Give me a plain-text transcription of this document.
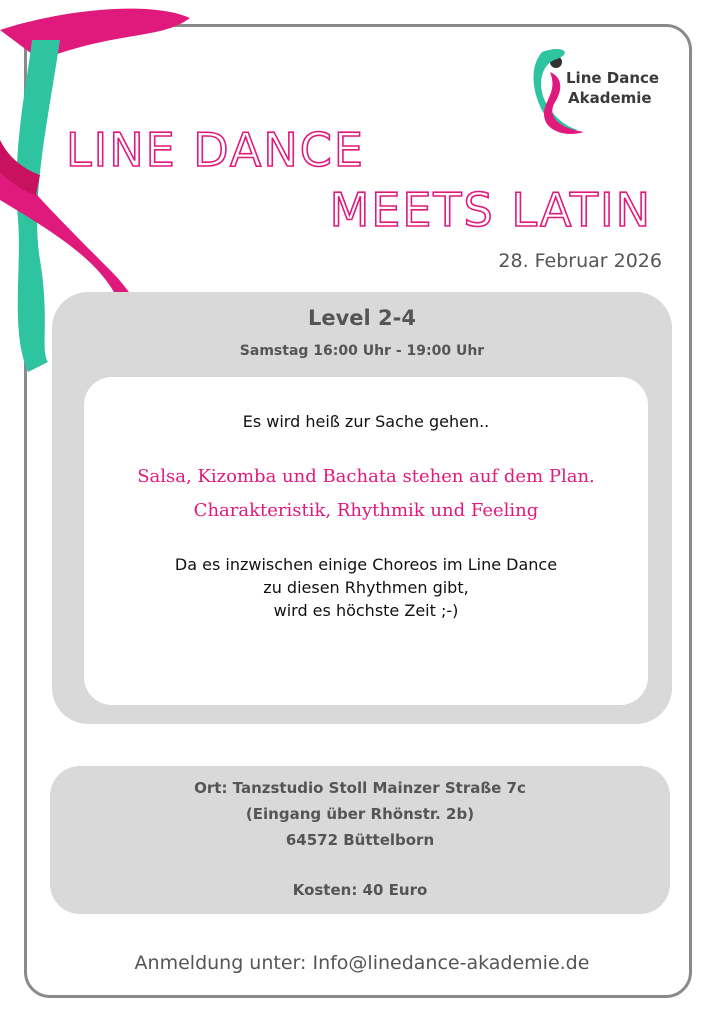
Line Dance
Akademie
LINE DANCE
MEETS LATIN
28. Februar 2026
Level 2-4
Samstag 16:00 Uhr - 19:00 Uhr
Es wird heiß zur Sache gehen..
Salsa, Kizomba und Bachata stehen auf dem Plan.
Charakteristik, Rhythmik und Feeling
Da es inzwischen einige Choreos im Line Dance
zu diesen Rhythmen gibt,
wird es höchste Zeit ;-)
Ort: Tanzstudio Stoll Mainzer Straße 7c
(Eingang über Rhönstr. 2b)
64572 Büttelborn
Kosten: 40 Euro
Anmeldung unter: Info@linedance-akademie.de
